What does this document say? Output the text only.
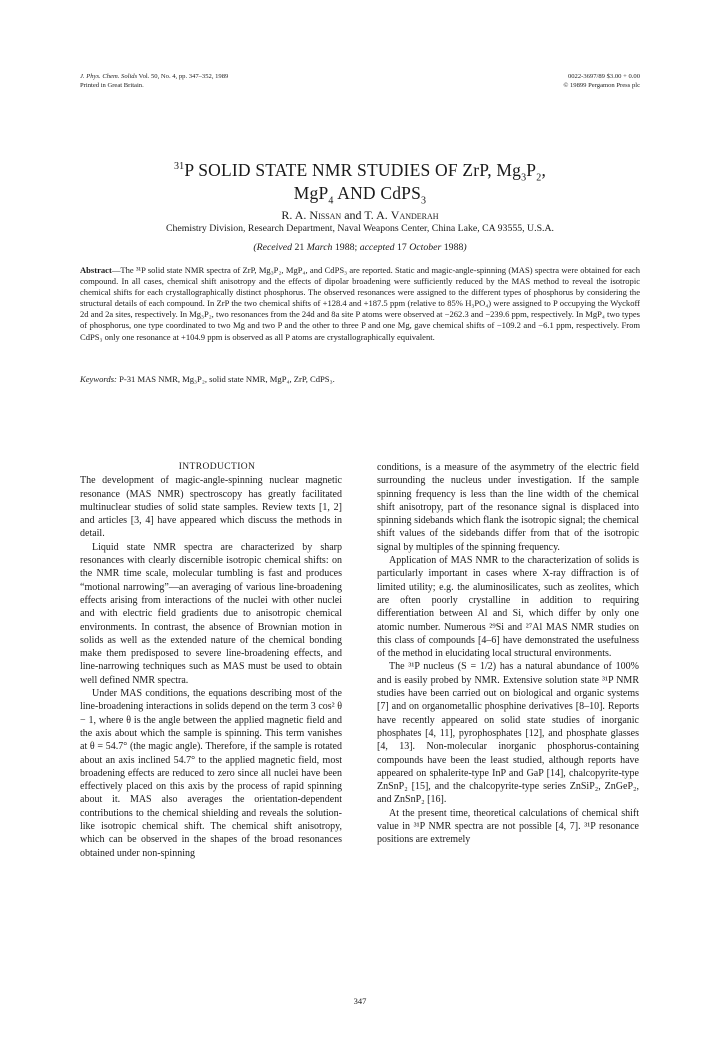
J. Phys. Chem. Solids Vol. 50, No. 4, pp. 347–352, 1989
Printed in Great Britain.
0022-3697/89 $3.00 + 0.00
© 19899 Pergamon Press plc
$^{31}$P SOLID STATE NMR STUDIES OF ZrP, $Mg_3P_2$,
MgP$_4$ AND CdPS$_3$
R. A. Nissan and T. A. Vanderah
Chemistry Division, Research Department, Naval Weapons Center, China Lake, CA 93555, U.S.A.
(Received 21 March 1988; accepted 17 October 1988)

Abstract—The ³¹P solid state NMR spectra of ZrP, Mg₃P₂, MgP₄, and CdPS₃ are reported. Static and magic-angle-spinning (MAS) spectra were obtained for each compound. In all cases, chemical shift anisotropy and the effects of dipolar broadening were sufficiently reduced by the MAS method to reveal the isotropic chemical shifts for each crystallographically distinct phosphorus. The observed resonances were assigned to the different types of phosphorus by considering the structural details of each compound. In ZrP the two chemical shifts of +128.4 and +187.5 ppm (relative to 85% H₃PO₄) were assigned to P occupying the Wyckoff 2d and 2a sites, respectively. In Mg₃P₂, two resonances from the 24d and 8a site P atoms were observed at −262.3 and −239.6 ppm, respectively. In MgP₄ two types of phosphorus, one type coordinated to two Mg and two P and the other to three P and one Mg, gave chemical shifts of −109.2 and −6.1 ppm, respectively. From CdPS₃ only one resonance at +104.9 ppm is observed as all P atoms are crystallographically equivalent.

Keywords: P-31 MAS NMR, Mg₃P₂, solid state NMR, MgP₄, ZrP, CdPS₃.

INTRODUCTION

The development of magic-angle-spinning nuclear magnetic resonance (MAS NMR) spectroscopy has greatly facilitated multinuclear studies of solid state samples. Review texts [1, 2] and articles [3, 4] have appeared which discuss the methods in detail.

Liquid state NMR spectra are characterized by sharp resonances with clearly discernible isotropic chemical shifts: on the NMR time scale, molecular tumbling is fast and produces “motional narrowing”—an averaging of various line-broadening effects arising from interactions of the nuclei with other nuclei and with electric field gradients due to anisotropic chemical environments. In contrast, the absence of Brownian motion in solids as well as the extended nature of the chemical bonding make them predisposed to severe line-broadening effects, and line-narrowing techniques such as MAS must be used to obtain well defined NMR spectra.

Under MAS conditions, the equations describing most of the line-broadening interactions in solids depend on the term 3 cos² θ − 1, where θ is the angle between the applied magnetic field and the axis about which the sample is spinning. This term vanishes at θ = 54.7° (the magic angle). Therefore, if the sample is rotated about an axis inclined 54.7° to the applied magnetic field, most broadening effects are reduced to zero since all nuclei have been effectively placed on this axis by the process of rapid spinning about it. MAS also averages the orientation-dependent contributions to the chemical shielding and reveals the solution-like isotropic chemical shift. The chemical shift anisotropy, which can be observed in the shapes of the broad resonances obtained under non-spinning

conditions, is a measure of the asymmetry of the electric field surrounding the nucleus under investigation. If the sample spinning frequency is less than the line width of the chemical shift anisotropy, part of the resonance signal is displaced into spinning sidebands which flank the isotropic signal; the chemical shift values of the sidebands differ from that of the isotropic signal by multiples of the spinning frequency.

Application of MAS NMR to the characterization of solids is particularly important in cases where X-ray diffraction is of limited utility; e.g. the aluminosilicates, such as zeolites, which are often poorly crystalline in addition to requiring differentiation between Al and Si, which differ by only one atomic number. Numerous ²⁹Si and ²⁷Al MAS NMR studies on this class of compounds [4–6] have demonstrated the usefulness of the method in elucidating local structural environments.

The ³¹P nucleus (S = 1/2) has a natural abundance of 100% and is easily probed by NMR. Extensive solution state ³¹P NMR studies have been carried out on biological and organic systems [7] and on organometallic phosphine derivatives [8–10]. Reports have recently appeared on solid state studies of inorganic phosphates [4, 11], pyrophosphates [12], and phosphate glasses [4, 13]. Non-molecular inorganic phosphorus-containing compounds have been the least studied, although reports have appeared on sphalerite-type InP and GaP [14], chalcopyrite-type ZnSnP₂ [15], and the chalcopyrite-type series ZnSiP₂, ZnGeP₂, and ZnSnP₂ [16].

At the present time, theoretical calculations of chemical shift value in ³¹P NMR spectra are not possible [4, 7]. ³¹P resonance positions are extremely

347
